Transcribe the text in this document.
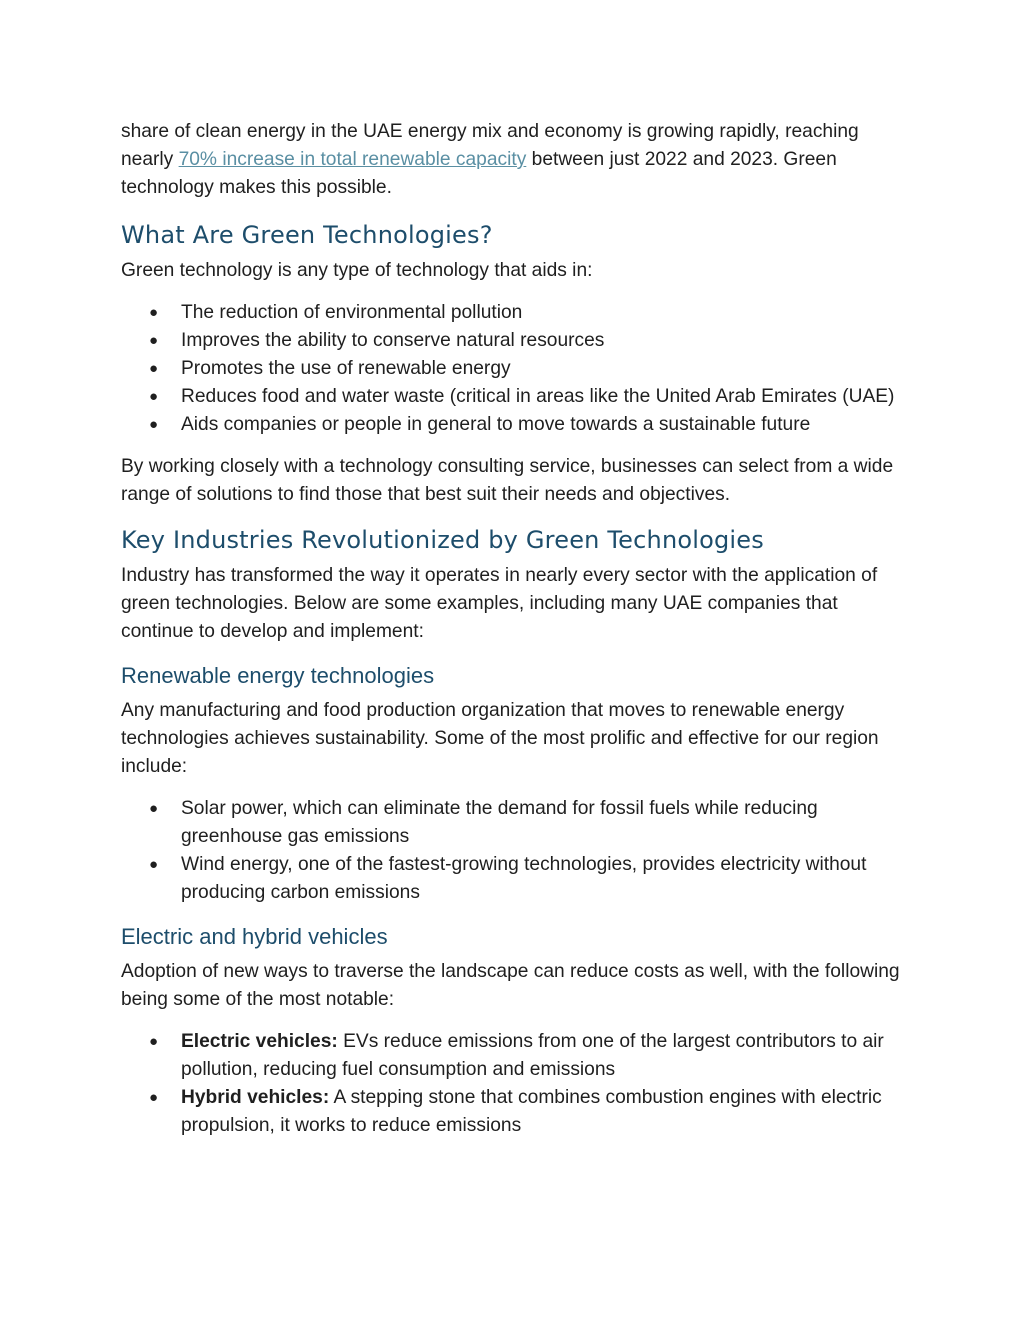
share of clean energy in the UAE energy mix and economy is growing rapidly, reaching nearly 70% increase in total renewable capacity between just 2022 and 2023. Green technology makes this possible.

What Are Green Technologies?

Green technology is any type of technology that aids in:

● The reduction of environmental pollution
● Improves the ability to conserve natural resources
● Promotes the use of renewable energy
● Reduces food and water waste (critical in areas like the United Arab Emirates (UAE)
● Aids companies or people in general to move towards a sustainable future

By working closely with a technology consulting service, businesses can select from a wide range of solutions to find those that best suit their needs and objectives.

Key Industries Revolutionized by Green Technologies

Industry has transformed the way it operates in nearly every sector with the application of green technologies. Below are some examples, including many UAE companies that continue to develop and implement:

Renewable energy technologies

Any manufacturing and food production organization that moves to renewable energy technologies achieves sustainability. Some of the most prolific and effective for our region include:

● Solar power, which can eliminate the demand for fossil fuels while reducing greenhouse gas emissions
● Wind energy, one of the fastest-growing technologies, provides electricity without producing carbon emissions
Electric and hybrid vehicles

Adoption of new ways to traverse the landscape can reduce costs as well, with the following being some of the most notable:

● Electric vehicles: EVs reduce emissions from one of the largest contributors to air pollution, reducing fuel consumption and emissions
● Hybrid vehicles: A stepping stone that combines combustion engines with electric propulsion, it works to reduce emissions
